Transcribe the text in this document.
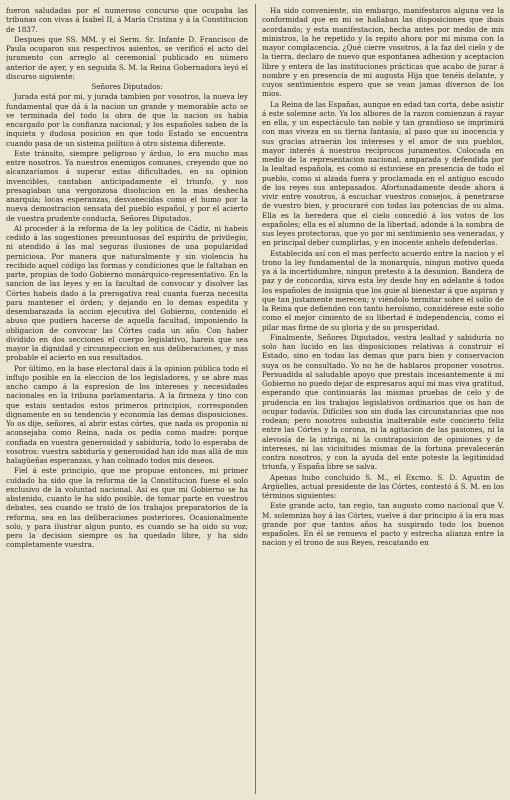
fueron saludadas por el numeroso concurso que ocupaba las tribunas con vivas á Isabel II, á María Cristina y á la Constitucion de 1837.

Despues que SS. MM. y el Serm. Sr. Infante D. Francisco de Paula ocuparon sus respectivos asientos, se verificó el acto del juramento con arreglo al ceremonial publicado en número anterior de ayer, y en seguida S. M. la Reina Gobernadora leyó el discurso siguiente:

Señores Diputados:

Jurada está por mi, y jurada tambien por vosotros, la nueva ley fundamental que dá á la nacion un grande y memorable acto se ve terminada del todo la obra de que la nacion os habia encargado por la confianza nacional; y los españoles saben de la inquieta y dudosa posicion en que todo Estado se encuentra cuando pasa de un sistema político á otro sistema diferente.

Este tránsito, siempre peligroso y árduo, lo era mucho mas entre nosotros. Ya nuestros enemigos comunes, creyendo que no alcanzaríamos á superar estas dificultades, en su opinion invencibles, cantaban anticipadamente el triunfo, y nos presagiaban una vergonzosa disolucion en la mas deshecha anarquía; locas esperanzas, desvanecidas como el humo por la nueva demostracion sensata del pueblo español, y por el acierto de vuestra prudente conducta, Señores Diputados.

Al proceder á la reforma de la ley política de Cádiz, ni habeis cedido á las sugestiones presuntuosas del espíritu de privilegio, ni atendido á las mal seguras ilusiones de una popularidad perniciosa. Por manera que naturalmente y sin violencia ha recibido aquel código las formas y condiciones que le faltaban en parte, propias de todo Gobierno monárquico-representativo. En la sancion de las leyes y en la facultad de convocar y disolver las Córtes habeis dado á la prerogativa real cuanta fuerza necesita para mantener el órden; y dejando en lo demas espedita y desembarazada la accion ejecutiva del Gobierno, contenido el abuso que pudiera hacerse de aquella facultad, imponiendo la obligacion de convocar las Córtes cada un año. Con haber dividido en dos secciones el cuerpo legislativo, hareis que sea mayor la dignidad y circunspeccion en sus deliberaciones, y mas probable el acierto en sus resultados.

Por último, en la base electoral dais á la opinion pública todo el influjo posible en la eleccion de los legisladores, y se abre mas ancho campo á la espresion de los intereses y necesidades nacionales en la tribuna parlamentaria. A la firmeza y tino con que estais sentados estos primeros principios, corresponden dignamente en su tendencia y economía las demas disposiciones. Yo os dije, señores, al abrir estas córtes, que nada os proponia ni aconsejaba como Reina, nada os pedia como madre: porque confiada en vuestra generosidad y sabiduría, todo lo esperaba de vosotros: vuestra sabiduría y generosidad han ido mas allá de mis halagüeñas esperanzas, y han colmado todos mis deseos.

Fiel á este principio, que me propuse entonces, mi primer cuidado ha sido que la reforma de la Constitucion fuese el solo exclusivo de la voluntad nacional. Así es que mi Gobierno se ha abstenido, cuanto le ha sido posible, de tomar parte en vuestros debates, sea cuando se trató de los trabajos preparatorios de la reforma, sea en las deliberaciones posteriores. Ocasionalmente solo, y para ilustrar algun punto, es cuando se ha oido su voz; pero la decision siempre os ha quedado libre, y ha sido completamente vuestra.

Ha sido conveniente, sin embargo, manifestaros alguna vez la conformidad que en mi se hallaban las disposiciones que ibais acordando; y esta manifestacion, hecha antes por medio de mis ministros, la he repetido y la repito ahora por mi misma con la mayor complacencia. ¿Qué cierre vosotros, á la faz del cielo y de la tierra, declaro de nuevo que espontanea adhesion y aceptacion libre y entera de las instituciones prácticas que acabo de jurar á nombre y en presencia de mi augusta Hija que tenéis delante, y cuyos sentimientos espero que se vean jamas diversos de los mios.

La Reina de las Españas, aunque en edad tan corta, debe asistir á este solemne acto. Ya los albores de la razon comienzan á rayar en ella, y un espectáculo tan noble y tan grandioso se imprimirá con mas viveza en su tierna fantasía; al paso que su inocencia y sus gracias atraerán los intereses y el amor de sus pueblos, mayor interés á nuestros recíprocos juramentos. Colocada en medio de la representacion nacional, amparada y defendida por la lealtad española, es como si estuviese en presencia de todo el pueblo, como si alzada fuera y proclamada en el antiguo escudo de los reyes sus antepasados. Afortunadamente desde ahora á vivir entre vosotros, á escuchar vuestros consejos, á penetrarse de vuestro bien, y procuraré con todas las potencias de su alma. Ella es la heredera que el cielo concedió á los votos de los españoles; ella es el alumno de la libertad, adonde á la sombra de sus leyes protectoras, que yo por mi sentimiento sea veneradas, y en principal deber cumplirlas, y en inocente anhelo defenderlas.

Establecida así con el mas perfecto acuerdo entre la nacion y el trono la ley fundamental de la monarquía, ningun motivo queda ya á la incertidumbre, ningun pretesto á la desunion. Bandera de paz y de concordia, sirva esta ley desde hoy en adelante á todos los españoles de insignia que los guie al bienestar á que aspiran y que tan justamente merecen; y viéndolo termitar sobre el solio de la Reina que defienden con tanto heroísmo, considérese este solio como el mejor cimiento de su libertad é independencia, como el pilar mas firme de su gloria y de su prosperidad.

Finalmente, Señores Diputados, vestra lealtad y sabiduría no solo han lucido en las disposiciones relativas á construir el Estado, sino en todas las demas que para bien y conservacion suya os he consultado. Yo no he de hablaros proponer vosotros. Persuadida al saludable apoyo que prestais incesantemente á mi Gobierno no puedo dejar de expresaros aquí mi mas viva gratitud, esperando que continuarás las mismas pruebas de celo y de prudencia en los trabajos legislativos ordinarios que os han de ocupar todavía. Difíciles son sin duda las circunstancias que nos rodean; pero nosotros subsistia inalterable este concierto feliz entre las Córtes y la corona, ni la agitacion de las pasiones, ni la alevosía de la intriga, ni la contraposicion de opiniones y de intereses, ni las vicisitudes mismas de la fortuna prevalecerán contra nosotros, y con la ayuda del ente poteste la legitimidad triunfa, y España libre se salva.

Apenas hubo concluido S. M., el Excmo. S. D. Agustin de Argüelles, actual presidente de las Córtes, contestó á S. M. en los términos siguientes:

Este grande acto, tan regio, tan augusto como nacional que V. M. solemniza hoy á las Córtes, vuelve á dar principio á la era mas grande por que tantos años ha suspirado todo los buenos españoles. En él se renueva el pacto y estrecha alianza entre la nacion y el trono de sus Reyes, rescatando en
